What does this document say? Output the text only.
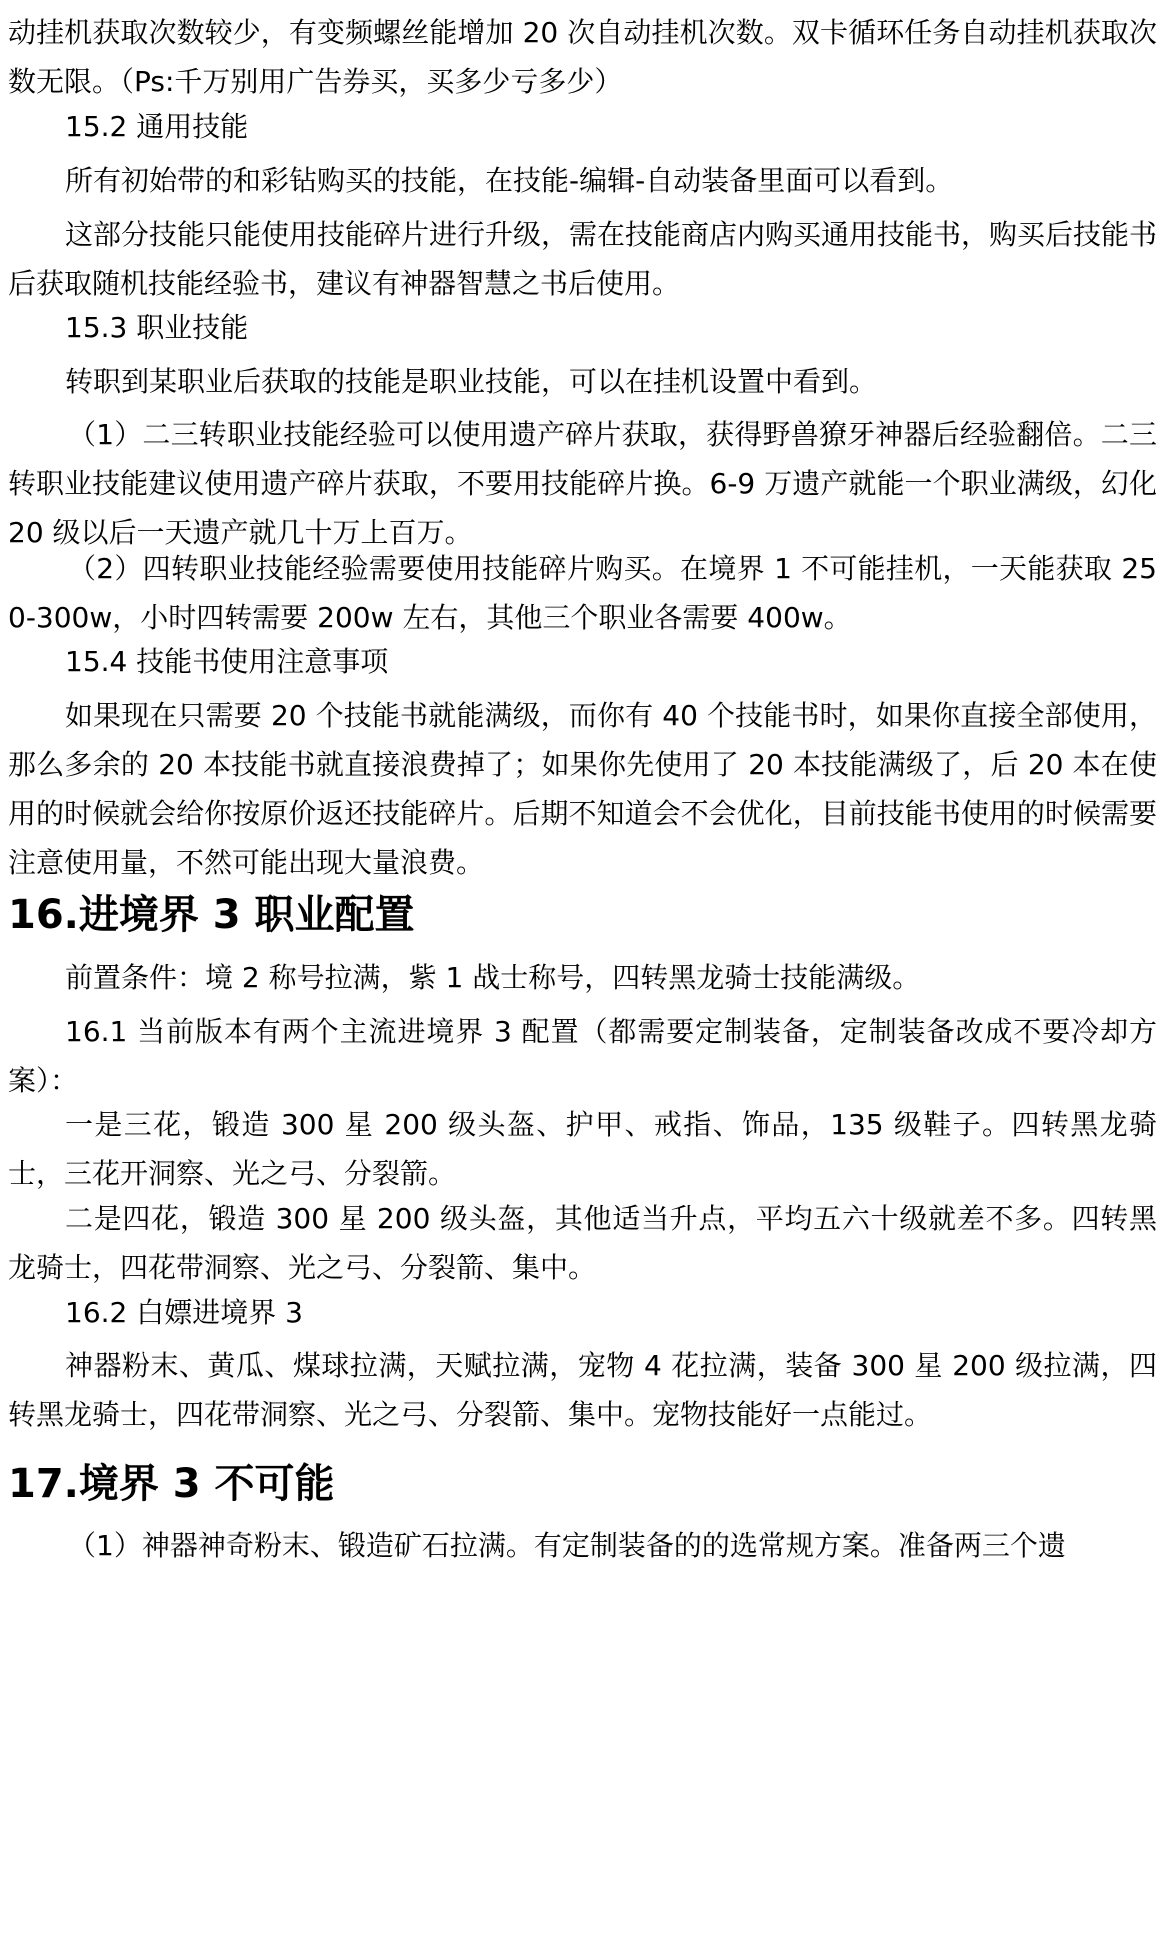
动挂机获取次数较少，有变频螺丝能增加 20 次自动挂机次数。双卡循环任务自动挂机获取次数无限。（Ps:千万别用广告券买，买多少亏多少）

15.2 通用技能

所有初始带的和彩钻购买的技能，在技能-编辑-自动装备里面可以看到。

这部分技能只能使用技能碎片进行升级，需在技能商店内购买通用技能书，购买后技能书后获取随机技能经验书，建议有神器智慧之书后使用。

15.3 职业技能

转职到某职业后获取的技能是职业技能，可以在挂机设置中看到。

（1）二三转职业技能经验可以使用遗产碎片获取，获得野兽獠牙神器后经验翻倍。二三转职业技能建议使用遗产碎片获取，不要用技能碎片换。6-9 万遗产就能一个职业满级，幻化 20 级以后一天遗产就几十万上百万。

（2）四转职业技能经验需要使用技能碎片购买。在境界 1 不可能挂机，一天能获取 250-300w，小时四转需要 200w 左右，其他三个职业各需要 400w。

15.4 技能书使用注意事项

如果现在只需要 20 个技能书就能满级，而你有 40 个技能书时，如果你直接全部使用，那么多余的 20 本技能书就直接浪费掉了；如果你先使用了 20 本技能满级了，后 20 本在使用的时候就会给你按原价返还技能碎片。后期不知道会不会优化，目前技能书使用的时候需要注意使用量，不然可能出现大量浪费。

16.进境界 3 职业配置

前置条件：境 2 称号拉满，紫 1 战士称号，四转黑龙骑士技能满级。

16.1 当前版本有两个主流进境界 3 配置（都需要定制装备，定制装备改成不要冷却方案）：

一是三花，锻造 300 星 200 级头盔、护甲、戒指、饰品，135 级鞋子。四转黑龙骑士，三花开洞察、光之弓、分裂箭。

二是四花，锻造 300 星 200 级头盔，其他适当升点，平均五六十级就差不多。四转黑龙骑士，四花带洞察、光之弓、分裂箭、集中。

16.2 白嫖进境界 3

神器粉末、黄瓜、煤球拉满，天赋拉满，宠物 4 花拉满，装备 300 星 200 级拉满，四转黑龙骑士，四花带洞察、光之弓、分裂箭、集中。宠物技能好一点能过。

17.境界 3 不可能

（1）神器神奇粉末、锻造矿石拉满。有定制装备的的选常规方案。准备两三个遗
